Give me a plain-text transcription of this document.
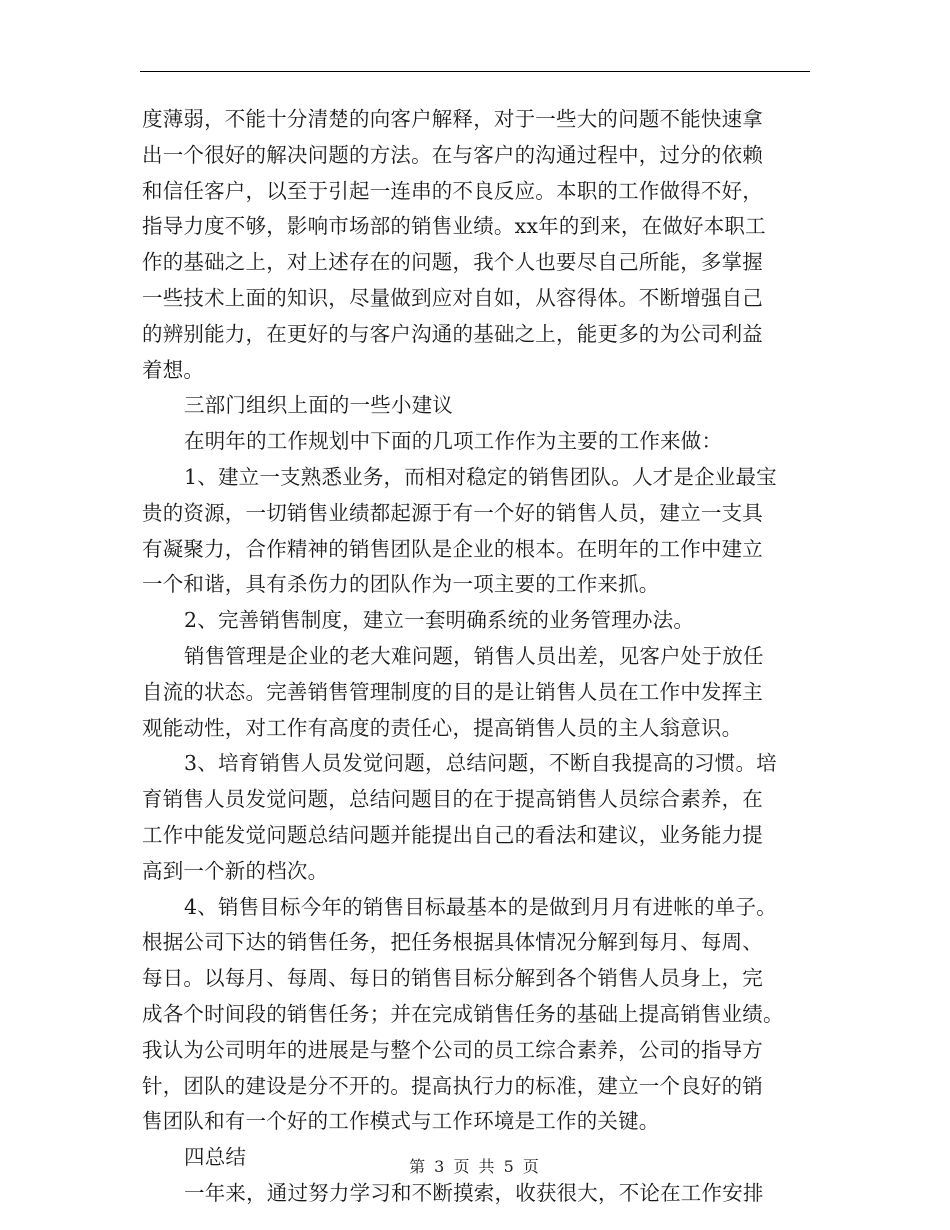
度薄弱，不能十分清楚的向客户解释，对于一些大的问题不能快速拿
出一个很好的解决问题的方法。在与客户的沟通过程中，过分的依赖
和信任客户，以至于引起一连串的不良反应。本职的工作做得不好，
指导力度不够，影响市场部的销售业绩。xx年的到来，在做好本职工
作的基础之上，对上述存在的问题，我个人也要尽自己所能，多掌握
一些技术上面的知识，尽量做到应对自如，从容得体。不断增强自己
的辨别能力，在更好的与客户沟通的基础之上，能更多的为公司利益
着想。
三部门组织上面的一些小建议
在明年的工作规划中下面的几项工作作为主要的工作来做：
1、建立一支熟悉业务，而相对稳定的销售团队。人才是企业最宝
贵的资源，一切销售业绩都起源于有一个好的销售人员，建立一支具
有凝聚力，合作精神的销售团队是企业的根本。在明年的工作中建立
一个和谐，具有杀伤力的团队作为一项主要的工作来抓。
2、完善销售制度，建立一套明确系统的业务管理办法。
销售管理是企业的老大难问题，销售人员出差，见客户处于放任
自流的状态。完善销售管理制度的目的是让销售人员在工作中发挥主
观能动性，对工作有高度的责任心，提高销售人员的主人翁意识。
3、培育销售人员发觉问题，总结问题，不断自我提高的习惯。培
育销售人员发觉问题，总结问题目的在于提高销售人员综合素养，在
工作中能发觉问题总结问题并能提出自己的看法和建议，业务能力提
高到一个新的档次。
4、销售目标今年的销售目标最基本的是做到月月有进帐的单子。
根据公司下达的销售任务，把任务根据具体情况分解到每月、每周、
每日。以每月、每周、每日的销售目标分解到各个销售人员身上，完
成各个时间段的销售任务；并在完成销售任务的基础上提高销售业绩。
我认为公司明年的进展是与整个公司的员工综合素养，公司的指导方
针，团队的建设是分不开的。提高执行力的标准，建立一个良好的销
售团队和有一个好的工作模式与工作环境是工作的关键。
四总结
一年来，通过努力学习和不断摸索，收获很大，不论在工作安排
第 3 页 共 5 页
